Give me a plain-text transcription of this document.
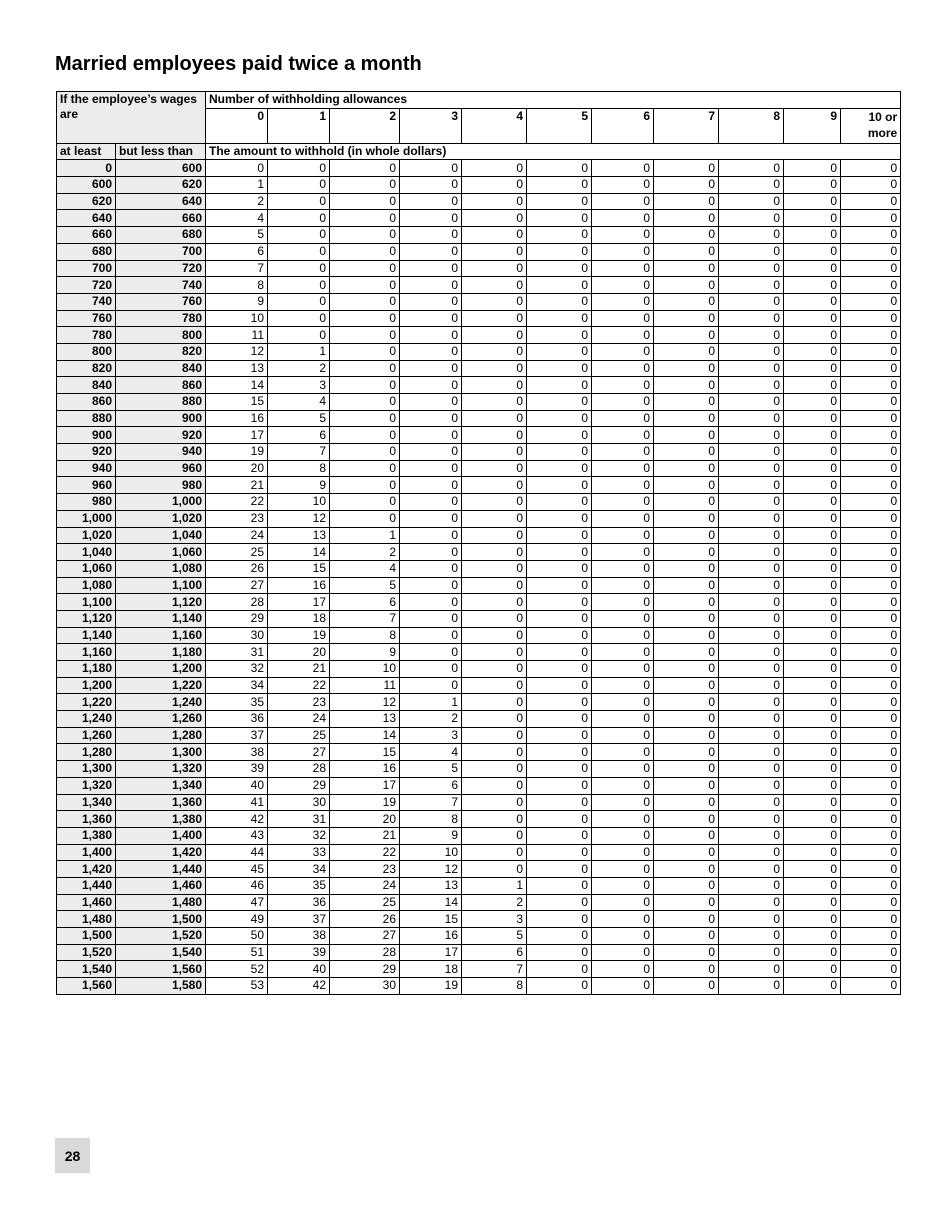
Married employees paid twice a month
If the employee’s wages are		Number of withholding allowances										
		0	1	2	3	4	5	6	7	8	9	10 or more
at least	but less than	The amount to withhold (in whole dollars)										
0	600	0	0	0	0	0	0	0	0	0	0	0
600	620	1	0	0	0	0	0	0	0	0	0	0
620	640	2	0	0	0	0	0	0	0	0	0	0
640	660	4	0	0	0	0	0	0	0	0	0	0
660	680	5	0	0	0	0	0	0	0	0	0	0
680	700	6	0	0	0	0	0	0	0	0	0	0
700	720	7	0	0	0	0	0	0	0	0	0	0
720	740	8	0	0	0	0	0	0	0	0	0	0
740	760	9	0	0	0	0	0	0	0	0	0	0
760	780	10	0	0	0	0	0	0	0	0	0	0
780	800	11	0	0	0	0	0	0	0	0	0	0
800	820	12	1	0	0	0	0	0	0	0	0	0
820	840	13	2	0	0	0	0	0	0	0	0	0
840	860	14	3	0	0	0	0	0	0	0	0	0
860	880	15	4	0	0	0	0	0	0	0	0	0
880	900	16	5	0	0	0	0	0	0	0	0	0
900	920	17	6	0	0	0	0	0	0	0	0	0
920	940	19	7	0	0	0	0	0	0	0	0	0
940	960	20	8	0	0	0	0	0	0	0	0	0
960	980	21	9	0	0	0	0	0	0	0	0	0
980	1,000	22	10	0	0	0	0	0	0	0	0	0
1,000	1,020	23	12	0	0	0	0	0	0	0	0	0
1,020	1,040	24	13	1	0	0	0	0	0	0	0	0
1,040	1,060	25	14	2	0	0	0	0	0	0	0	0
1,060	1,080	26	15	4	0	0	0	0	0	0	0	0
1,080	1,100	27	16	5	0	0	0	0	0	0	0	0
1,100	1,120	28	17	6	0	0	0	0	0	0	0	0
1,120	1,140	29	18	7	0	0	0	0	0	0	0	0
1,140	1,160	30	19	8	0	0	0	0	0	0	0	0
1,160	1,180	31	20	9	0	0	0	0	0	0	0	0
1,180	1,200	32	21	10	0	0	0	0	0	0	0	0
1,200	1,220	34	22	11	0	0	0	0	0	0	0	0
1,220	1,240	35	23	12	1	0	0	0	0	0	0	0
1,240	1,260	36	24	13	2	0	0	0	0	0	0	0
1,260	1,280	37	25	14	3	0	0	0	0	0	0	0
1,280	1,300	38	27	15	4	0	0	0	0	0	0	0
1,300	1,320	39	28	16	5	0	0	0	0	0	0	0
1,320	1,340	40	29	17	6	0	0	0	0	0	0	0
1,340	1,360	41	30	19	7	0	0	0	0	0	0	0
1,360	1,380	42	31	20	8	0	0	0	0	0	0	0
1,380	1,400	43	32	21	9	0	0	0	0	0	0	0
1,400	1,420	44	33	22	10	0	0	0	0	0	0	0
1,420	1,440	45	34	23	12	0	0	0	0	0	0	0
1,440	1,460	46	35	24	13	1	0	0	0	0	0	0
1,460	1,480	47	36	25	14	2	0	0	0	0	0	0
1,480	1,500	49	37	26	15	3	0	0	0	0	0	0
1,500	1,520	50	38	27	16	5	0	0	0	0	0	0
1,520	1,540	51	39	28	17	6	0	0	0	0	0	0
1,540	1,560	52	40	29	18	7	0	0	0	0	0	0
1,560	1,580	53	42	30	19	8	0	0	0	0	0	0
28
